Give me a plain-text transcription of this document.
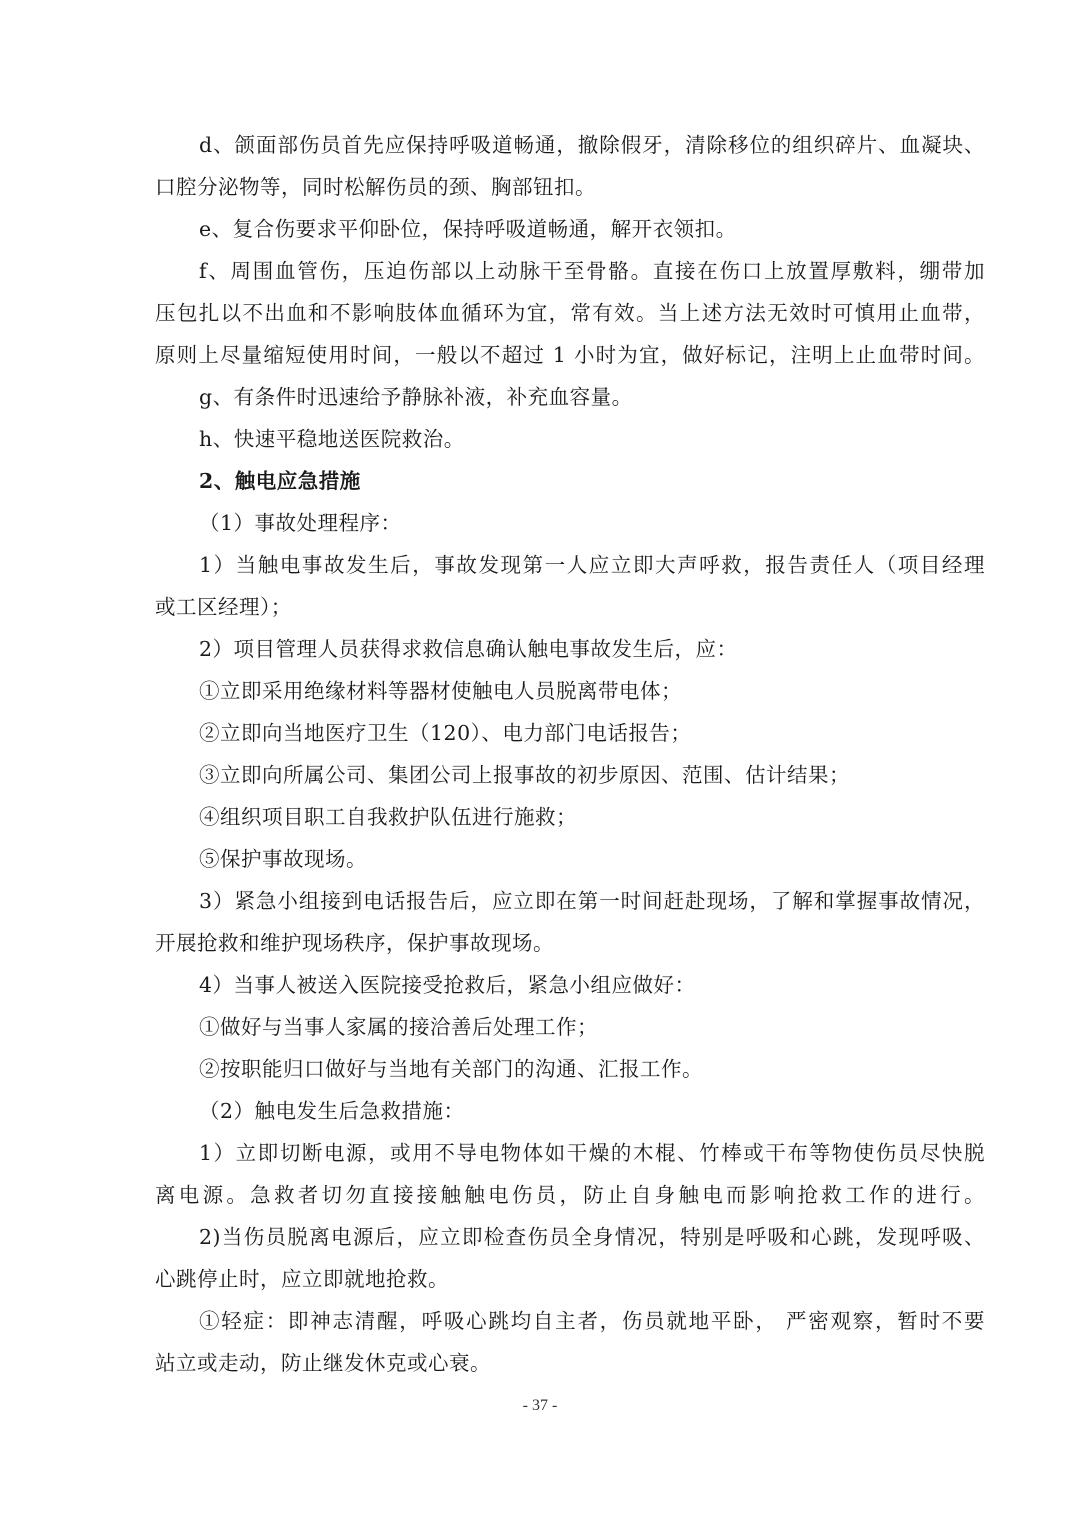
d、颌面部伤员首先应保持呼吸道畅通，撤除假牙，清除移位的组织碎片、血凝块、
口腔分泌物等，同时松解伤员的颈、胸部钮扣。
e、复合伤要求平仰卧位，保持呼吸道畅通，解开衣领扣。
f、周围血管伤，压迫伤部以上动脉干至骨骼。直接在伤口上放置厚敷料，绷带加
压包扎以不出血和不影响肢体血循环为宜，常有效。当上述方法无效时可慎用止血带，
原则上尽量缩短使用时间，一般以不超过 1 小时为宜，做好标记，注明上止血带时间。
g、有条件时迅速给予静脉补液，补充血容量。
h、快速平稳地送医院救治。
2、触电应急措施
（1）事故处理程序：
1）当触电事故发生后，事故发现第一人应立即大声呼救，报告责任人（项目经理
或工区经理）；
2）项目管理人员获得求救信息确认触电事故发生后，应：
①立即采用绝缘材料等器材使触电人员脱离带电体；
②立即向当地医疗卫生（120）、电力部门电话报告；
③立即向所属公司、集团公司上报事故的初步原因、范围、估计结果；
④组织项目职工自我救护队伍进行施救；
⑤保护事故现场。
3）紧急小组接到电话报告后，应立即在第一时间赶赴现场，了解和掌握事故情况，
开展抢救和维护现场秩序，保护事故现场。
4）当事人被送入医院接受抢救后，紧急小组应做好：
①做好与当事人家属的接洽善后处理工作；
②按职能归口做好与当地有关部门的沟通、汇报工作。
（2）触电发生后急救措施：
1）立即切断电源，或用不导电物体如干燥的木棍、竹棒或干布等物使伤员尽快脱
离电源。急救者切勿直接接触触电伤员，防止自身触电而影响抢救工作的进行。
2)当伤员脱离电源后，应立即检查伤员全身情况，特别是呼吸和心跳，发现呼吸、
心跳停止时，应立即就地抢救。
①轻症：即神志清醒，呼吸心跳均自主者，伤员就地平卧， 严密观察，暂时不要
站立或走动，防止继发休克或心衰。
- 37 -
